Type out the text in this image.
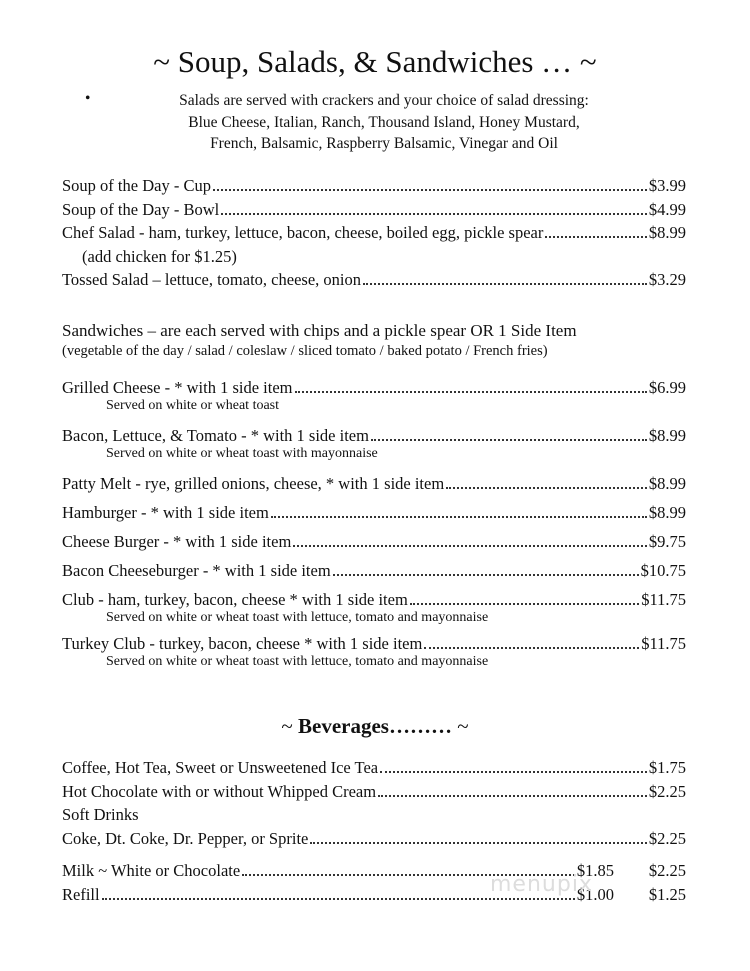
~ Soup, Salads, & Sandwiches … ~
•	Salads are served with crackers and your choice of salad dressing:
Blue Cheese, Italian, Ranch, Thousand Island, Honey Mustard,
French, Balsamic, Raspberry Balsamic, Vinegar and Oil
Soup of the Day - Cup	$3.99
Soup of the Day - Bowl	$4.99
Chef Salad - ham, turkey, lettuce, bacon, cheese, boiled egg, pickle spear	$8.99
(add chicken for $1.25)
Tossed Salad – lettuce, tomato, cheese, onion	$3.29
Sandwiches – are each served with chips and a pickle spear OR 1 Side Item
(vegetable of the day / salad / coleslaw / sliced tomato / baked potato / French fries)
Grilled Cheese - * with 1 side item	$6.99
Served on white or wheat toast
Bacon, Lettuce, & Tomato - * with 1 side item	$8.99
Served on white or wheat toast with mayonnaise
Patty Melt - rye, grilled onions, cheese, * with 1 side item	$8.99
Hamburger - * with 1 side item	$8.99
Cheese Burger - * with 1 side item	$9.75
Bacon Cheeseburger - * with 1 side item	$10.75
Club - ham, turkey, bacon, cheese * with 1 side item	$11.75
Served on white or wheat toast with lettuce, tomato and mayonnaise
Turkey Club - turkey, bacon, cheese * with 1 side item	$11.75
Served on white or wheat toast with lettuce, tomato and mayonnaise
~ Beverages……… ~
Coffee, Hot Tea, Sweet or Unsweetened Ice Tea	$1.75
Hot Chocolate with or without Whipped Cream	$2.25
Soft Drinks
Coke, Dt. Coke, Dr. Pepper, or Sprite	$2.25
Milk ~ White or Chocolate	$1.85	$2.25
Refill	$1.00	$1.25
menupix
